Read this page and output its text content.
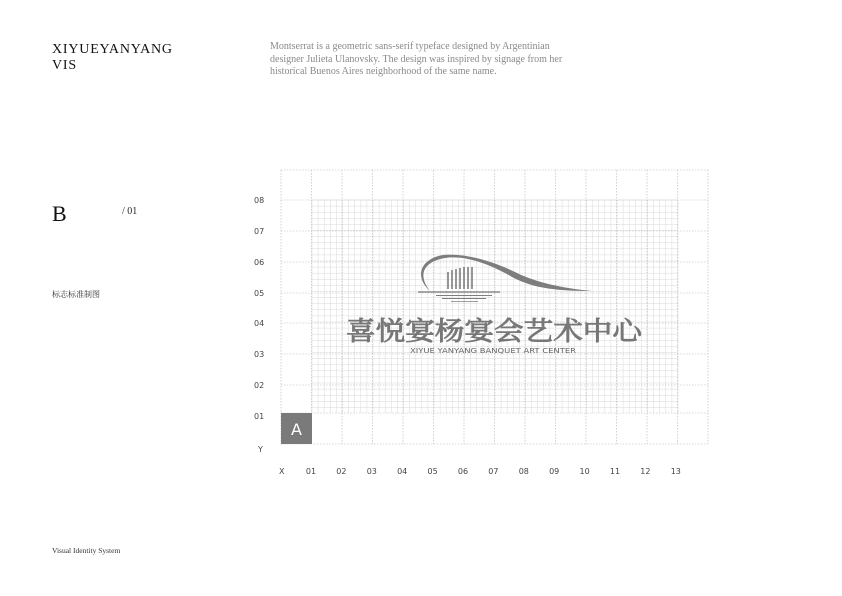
XIYUEYANYANG
VIS
Montserrat is a geometric sans-serif typeface designed by Argentinian
designer Julieta Ulanovsky. The design was inspired by signage from her
historical Buenos Aires neighborhood of the same name.
B	/ 01
标志标准制图
A
08
07
06
05
04
03
02
01
01	02	03	04	05	06	07	08	09	10	11	12	13
Y
X
喜悦宴杨宴会艺术中心
XIYUE YANYANG BANQUET ART CENTER
Visual Identity System
